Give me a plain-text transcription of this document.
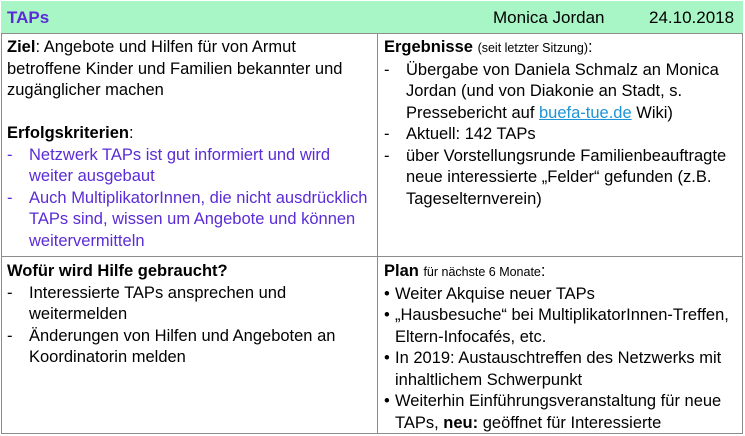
TAPs	Monica Jordan	24.10.2018
Ziel: Angebote und Hilfen für von Armut betroffene Kinder und Familien bekannter und zugänglicher machen
Erfolgskriterien:
- Netzwerk TAPs ist gut informiert und wird weiter ausgebaut
- Auch MultiplikatorInnen, die nicht ausdrücklich TAPs sind, wissen um Angebote und können weitervermitteln
Ergebnisse (seit letzter Sitzung):
- Übergabe von Daniela Schmalz an Monica Jordan (und von Diakonie an Stadt, s. Pressebericht auf buefa-tue.de Wiki)
- Aktuell: 142 TAPs
- über Vorstellungsrunde Familienbeauftragte neue interessierte „Felder“ gefunden (z.B. Tageselternverein)
Wofür wird Hilfe gebraucht?
- Interessierte TAPs ansprechen und weitermelden
- Änderungen von Hilfen und Angeboten an Koordinatorin melden
Plan für nächste 6 Monate:
• Weiter Akquise neuer TAPs
• „Hausbesuche“ bei MultiplikatorInnen-Treffen, Eltern-Infocafés, etc.
• In 2019: Austauschtreffen des Netzwerks mit inhaltlichem Schwerpunkt
• Weiterhin Einführungsveranstaltung für neue TAPs, neu: geöffnet für Interessierte
